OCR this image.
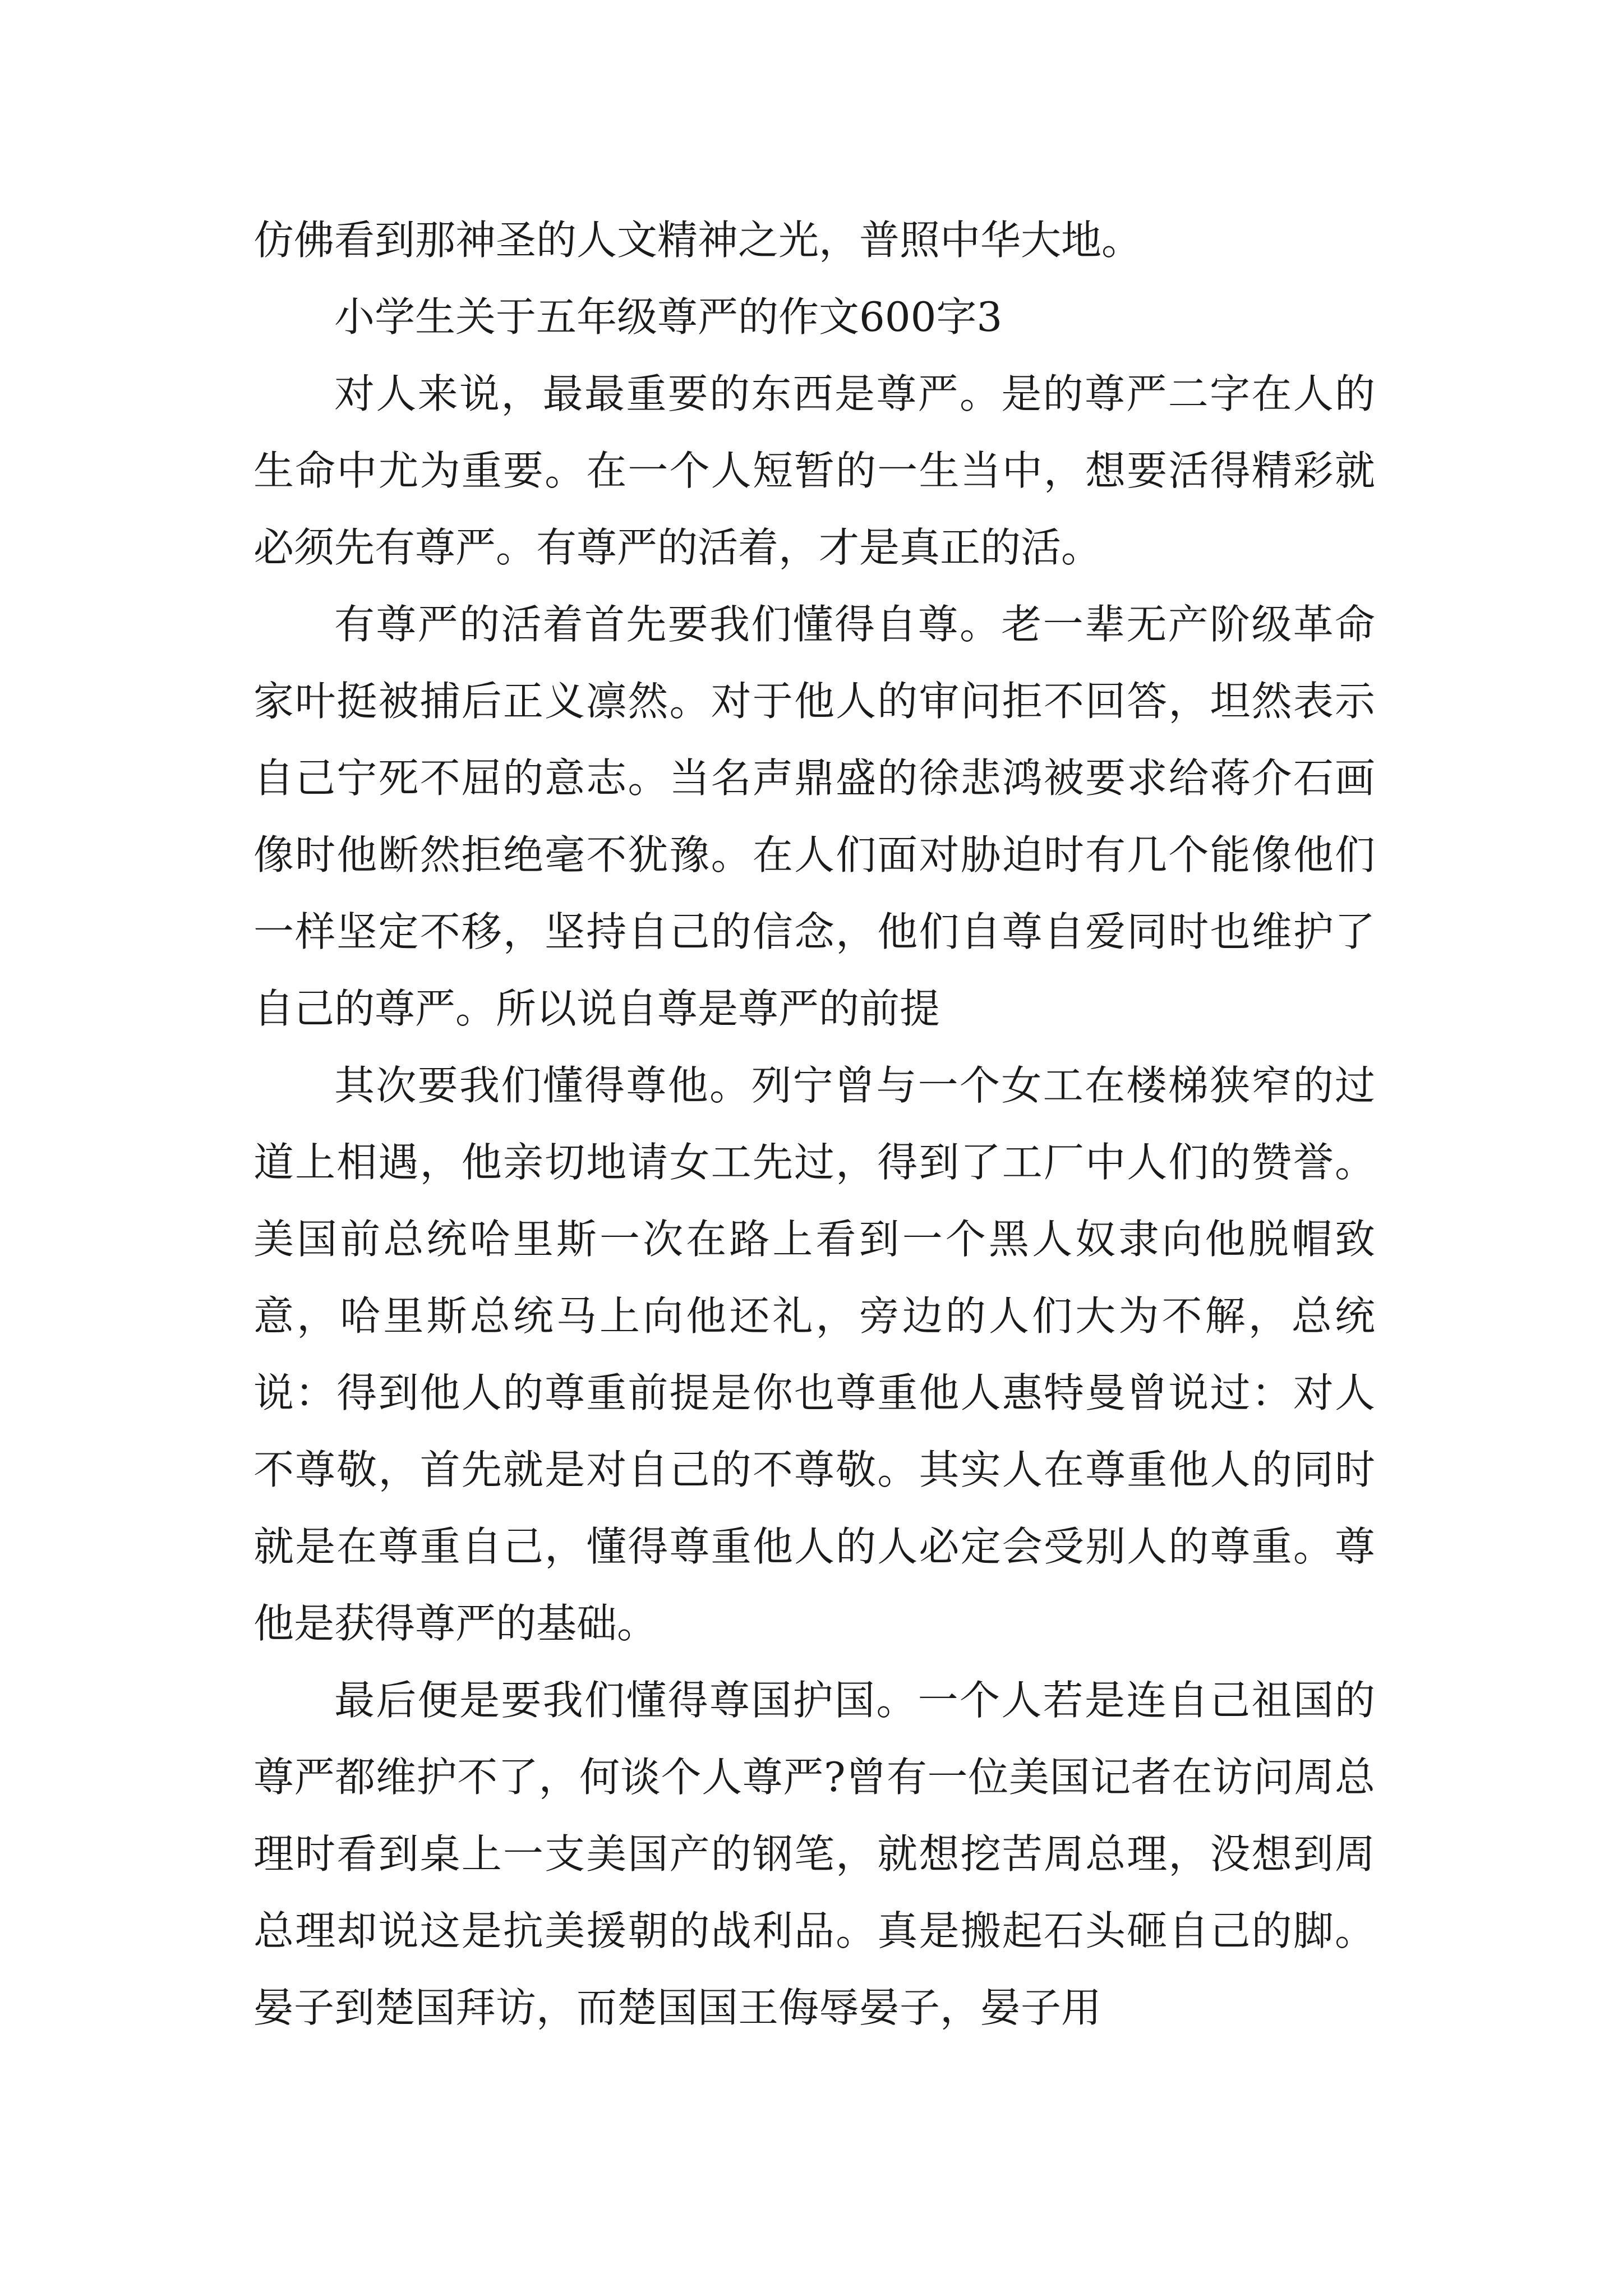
仿佛看到那神圣的人文精神之光，普照中华大地。

小学生关于五年级尊严的作文600字3

对人来说，最最重要的东西是尊严。是的尊严二字在人的生命中尤为重要。在一个人短暂的一生当中，想要活得精彩就必须先有尊严。有尊严的活着，才是真正的活。

有尊严的活着首先要我们懂得自尊。老一辈无产阶级革命家叶挺被捕后正义凛然。对于他人的审问拒不回答，坦然表示自己宁死不屈的意志。当名声鼎盛的徐悲鸿被要求给蒋介石画像时他断然拒绝毫不犹豫。在人们面对胁迫时有几个能像他们一样坚定不移，坚持自己的信念，他们自尊自爱同时也维护了自己的尊严。所以说自尊是尊严的前提

其次要我们懂得尊他。列宁曾与一个女工在楼梯狭窄的过道上相遇，他亲切地请女工先过，得到了工厂中人们的赞誉。美国前总统哈里斯一次在路上看到一个黑人奴隶向他脱帽致意，哈里斯总统马上向他还礼，旁边的人们大为不解，总统说：得到他人的尊重前提是你也尊重他人惠特曼曾说过：对人不尊敬，首先就是对自己的不尊敬。其实人在尊重他人的同时就是在尊重自己，懂得尊重他人的人必定会受别人的尊重。尊他是获得尊严的基础。

最后便是要我们懂得尊国护国。一个人若是连自己祖国的尊严都维护不了，何谈个人尊严?曾有一位美国记者在访问周总理时看到桌上一支美国产的钢笔，就想挖苦周总理，没想到周总理却说这是抗美援朝的战利品。真是搬起石头砸自己的脚。晏子到楚国拜访，而楚国国王侮辱晏子，晏子用
